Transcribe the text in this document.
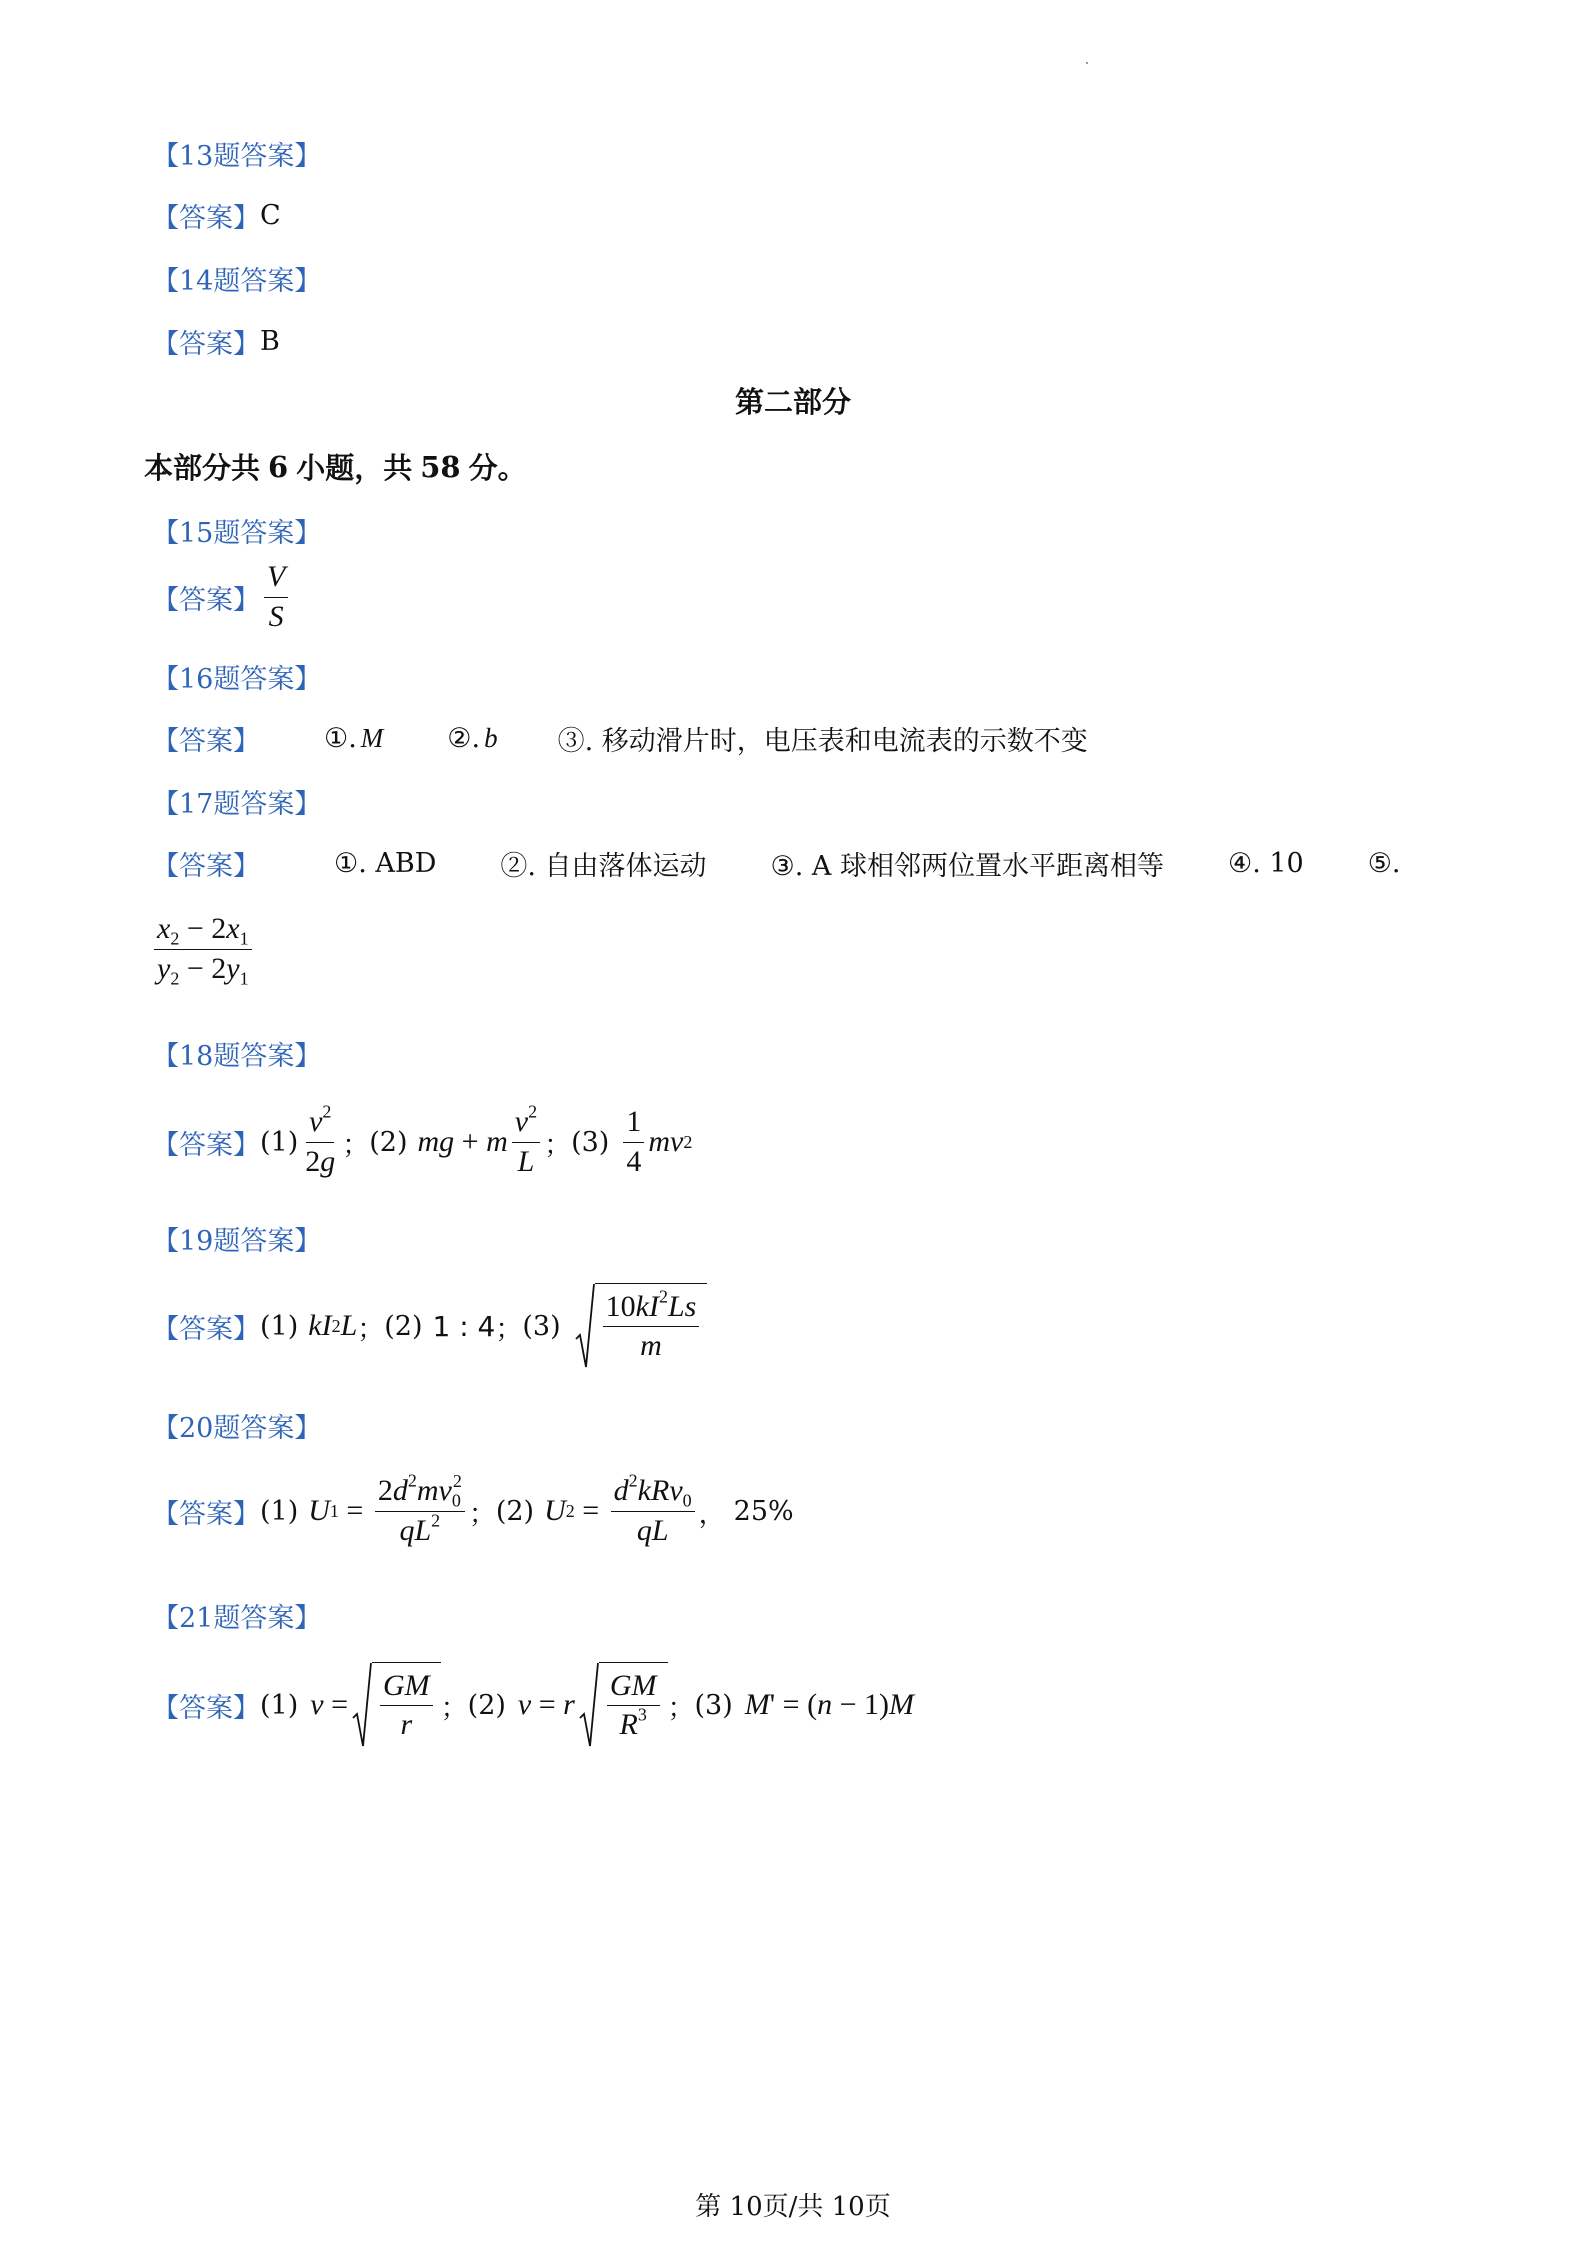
【13题答案】
【答案】 C
【14题答案】
【答案】 B
第二部分
本部分共 6 小题，共 58 分。
【15题答案】
【答案】 $\frac{V}{S}$
【16题答案】
【答案】 ①. M ②. b ③. 移动滑片时，电压表和电流表的示数不变
【17题答案】
【答案】	①. ABD ②. 自由落体运动 ③. A 球相邻两位置水平距离相等 ④. 10 ⑤.
$\frac{x_2 - 2x_1}{y_2 - 2y_1}$
【18题答案】
【答案】 $(1) \frac{v^2}{2g}$ ； (2) mg + m $\frac{v^2}{L}$ ； $(3) \frac{1}{4}$ mv 2
【19题答案】
【答案】 (1) kI 2 L ； (2) 1 : 4 ； $(3) \frac{10kI^2Ls}{m}$
【20题答案】
【答案】 (1) U $1 = \frac{2d^2mv_0^2}{qL^2}$ ； (2) U $2 = \frac{d^2kRv_0}{qL}$ ， 25%
【21题答案】
【答案】 (1) $v = \frac{GM}{r}$ ； (2) v = r $\frac{GM}{R^3}$ ； (3) M ' = ( n − 1) M
第 10页/共 10页
